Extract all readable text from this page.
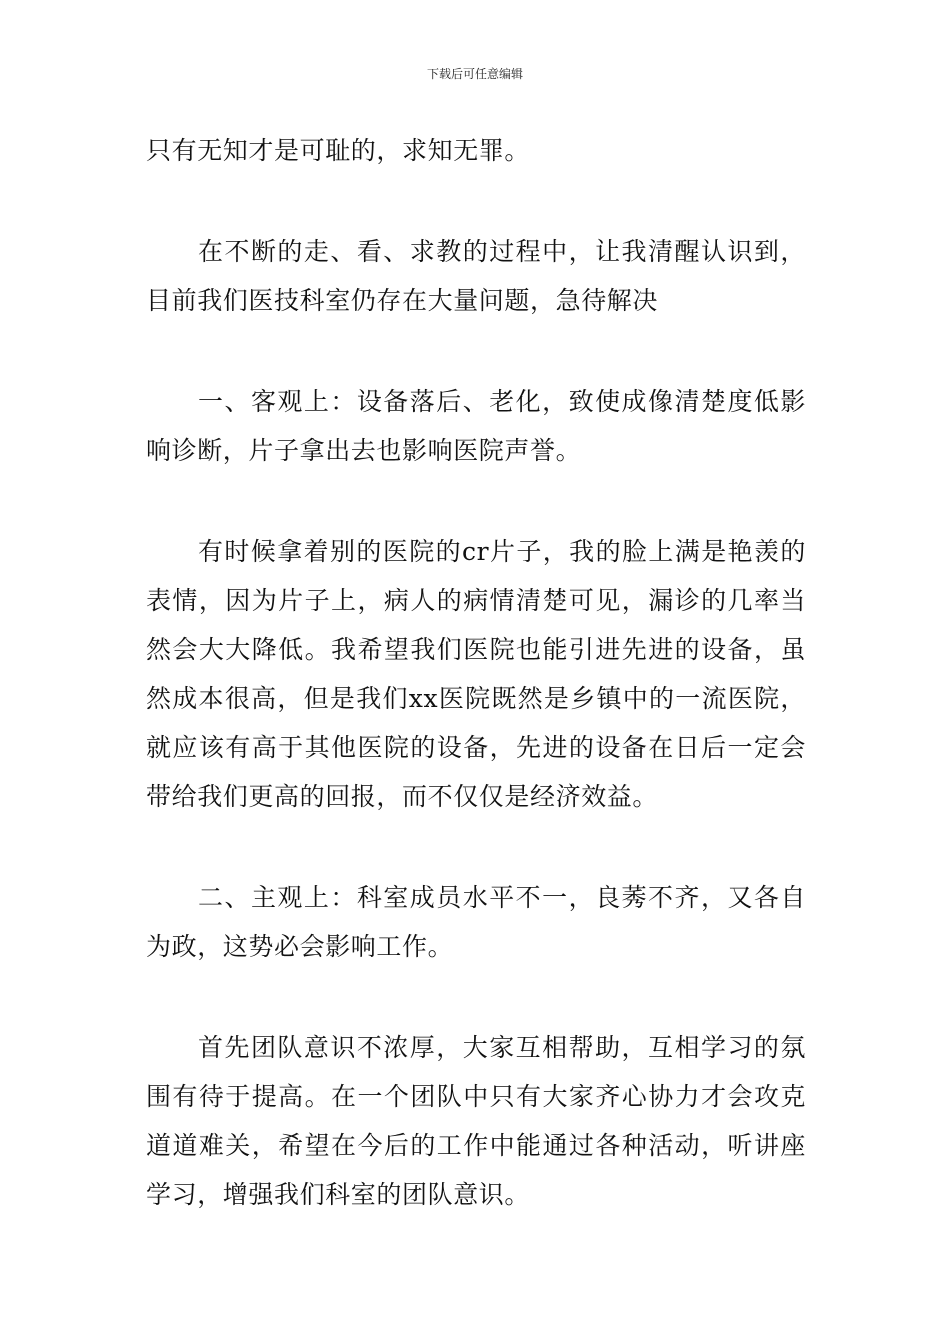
下载后可任意编辑

只有无知才是可耻的，求知无罪。

在不断的走、看、求教的过程中，让我清醒认识到，目前我们医技科室仍存在大量问题，急待解决

一、客观上：设备落后、老化，致使成像清楚度低影响诊断，片子拿出去也影响医院声誉。

有时候拿着别的医院的cr片子，我的脸上满是艳羡的表情，因为片子上，病人的病情清楚可见，漏诊的几率当然会大大降低。我希望我们医院也能引进先进的设备，虽然成本很高，但是我们xx医院既然是乡镇中的一流医院，就应该有高于其他医院的设备，先进的设备在日后一定会带给我们更高的回报，而不仅仅是经济效益。

二、主观上：科室成员水平不一，良莠不齐，又各自为政，这势必会影响工作。

首先团队意识不浓厚，大家互相帮助，互相学习的氛围有待于提高。在一个团队中只有大家齐心协力才会攻克道道难关，希望在今后的工作中能通过各种活动，听讲座学习，增强我们科室的团队意识。
